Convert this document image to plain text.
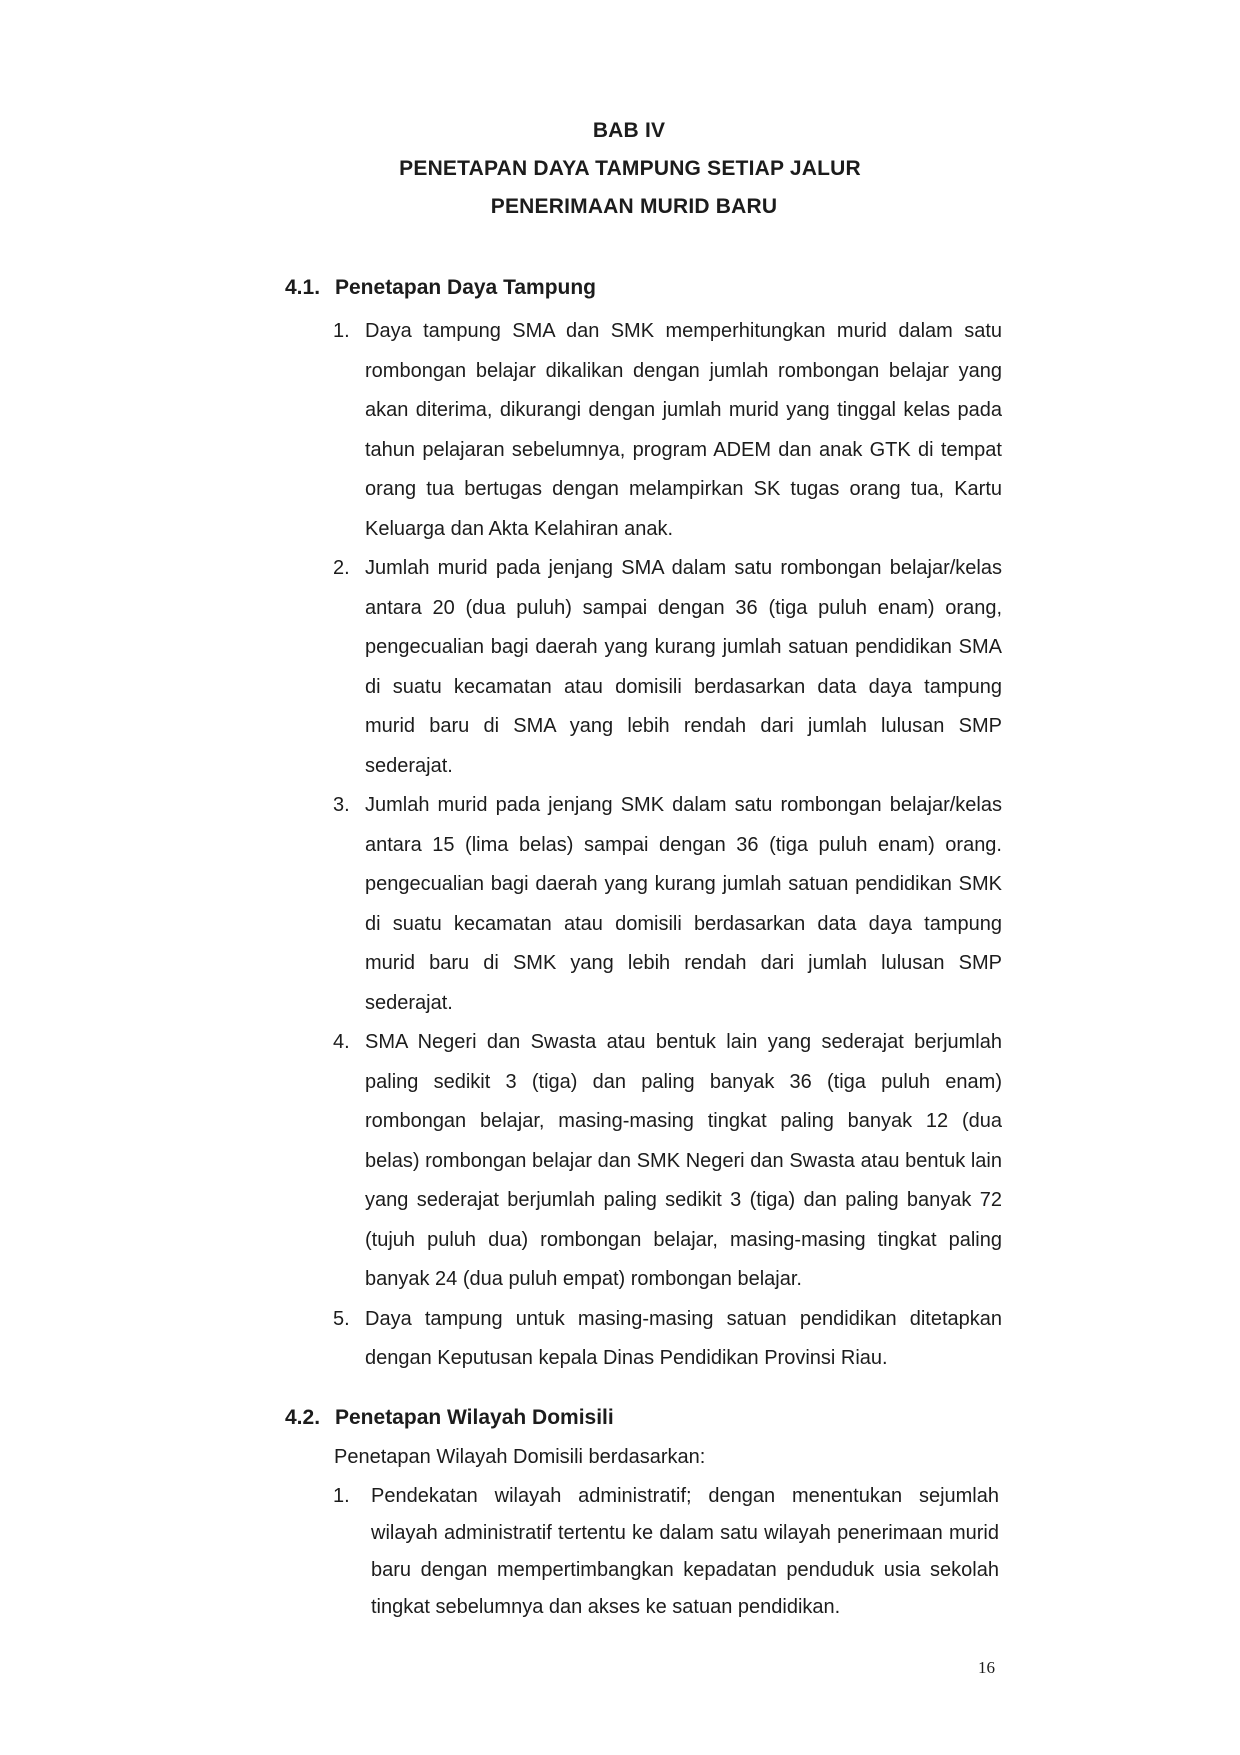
BAB IV
PENETAPAN DAYA TAMPUNG SETIAP JALUR
PENERIMAAN MURID BARU
4.1. Penetapan Daya Tampung
1. Daya tampung SMA dan SMK memperhitungkan murid dalam satu rombongan belajar dikalikan dengan jumlah rombongan belajar yang akan diterima, dikurangi dengan jumlah murid yang tinggal kelas pada tahun pelajaran sebelumnya, program ADEM dan anak GTK di tempat orang tua bertugas dengan melampirkan SK tugas orang tua, Kartu Keluarga dan Akta Kelahiran anak.
2. Jumlah murid pada jenjang SMA dalam satu rombongan belajar/kelas antara 20 (dua puluh) sampai dengan 36 (tiga puluh enam) orang, pengecualian bagi daerah yang kurang jumlah satuan pendidikan SMA di suatu kecamatan atau domisili berdasarkan data daya tampung murid baru di SMA yang lebih rendah dari jumlah lulusan SMP sederajat.
3. Jumlah murid pada jenjang SMK dalam satu rombongan belajar/kelas antara 15 (lima belas) sampai dengan 36 (tiga puluh enam) orang. pengecualian bagi daerah yang kurang jumlah satuan pendidikan SMK di suatu kecamatan atau domisili berdasarkan data daya tampung murid baru di SMK yang lebih rendah dari jumlah lulusan SMP sederajat.
4. SMA Negeri dan Swasta atau bentuk lain yang sederajat berjumlah paling sedikit 3 (tiga) dan paling banyak 36 (tiga puluh enam) rombongan belajar, masing-masing tingkat paling banyak 12 (dua belas) rombongan belajar dan SMK Negeri dan Swasta atau bentuk lain yang sederajat berjumlah paling sedikit 3 (tiga) dan paling banyak 72 (tujuh puluh dua) rombongan belajar, masing-masing tingkat paling banyak 24 (dua puluh empat) rombongan belajar.
5. Daya tampung untuk masing-masing satuan pendidikan ditetapkan dengan Keputusan kepala Dinas Pendidikan Provinsi Riau.
4.2. Penetapan Wilayah Domisili
Penetapan Wilayah Domisili berdasarkan:
1. Pendekatan wilayah administratif; dengan menentukan sejumlah wilayah administratif tertentu ke dalam satu wilayah penerimaan murid baru dengan mempertimbangkan kepadatan penduduk usia sekolah tingkat sebelumnya dan akses ke satuan pendidikan.
16
